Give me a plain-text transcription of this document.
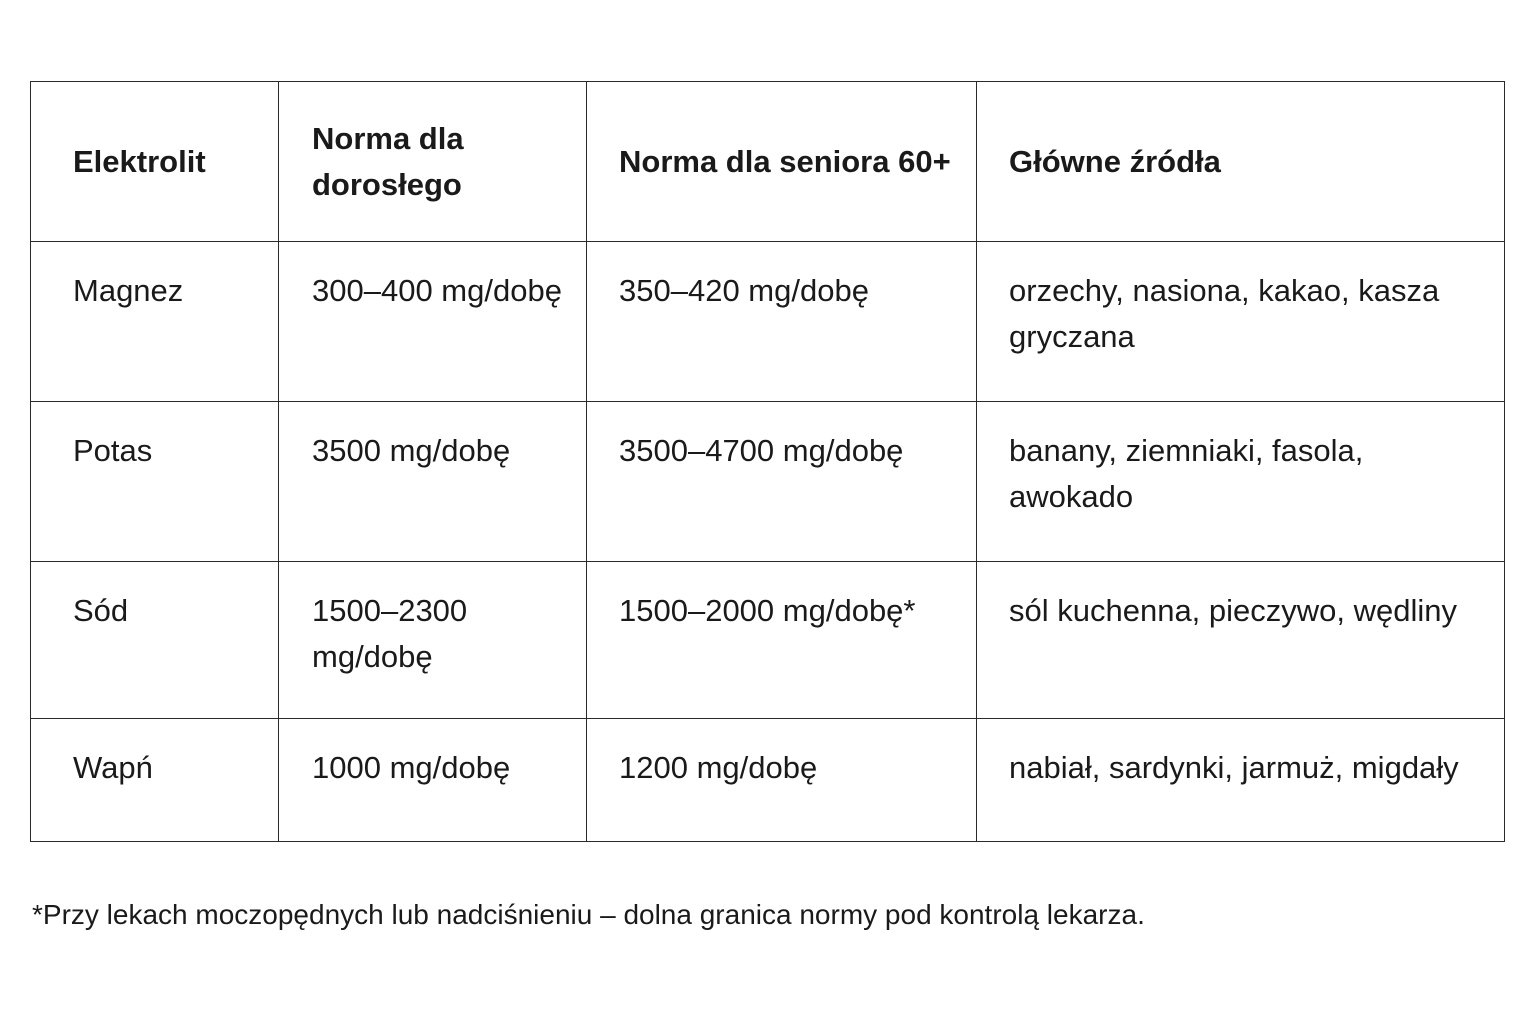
Elektrolit	Norma dla dorosłego	Norma dla seniora 60+	Główne źródła
Magnez	300–400 mg/dobę	350–420 mg/dobę	orzechy, nasiona, kakao, kasza gryczana
Potas	3500 mg/dobę	3500–4700 mg/dobę	banany, ziemniaki, fasola, awokado
Sód	1500–2300 mg/dobę	1500–2000 mg/dobę*	sól kuchenna, pieczywo, wędliny
Wapń	1000 mg/dobę	1200 mg/dobę	nabiał, sardynki, jarmuż, migdały
*Przy lekach moczopędnych lub nadciśnieniu – dolna granica normy pod kontrolą lekarza.
